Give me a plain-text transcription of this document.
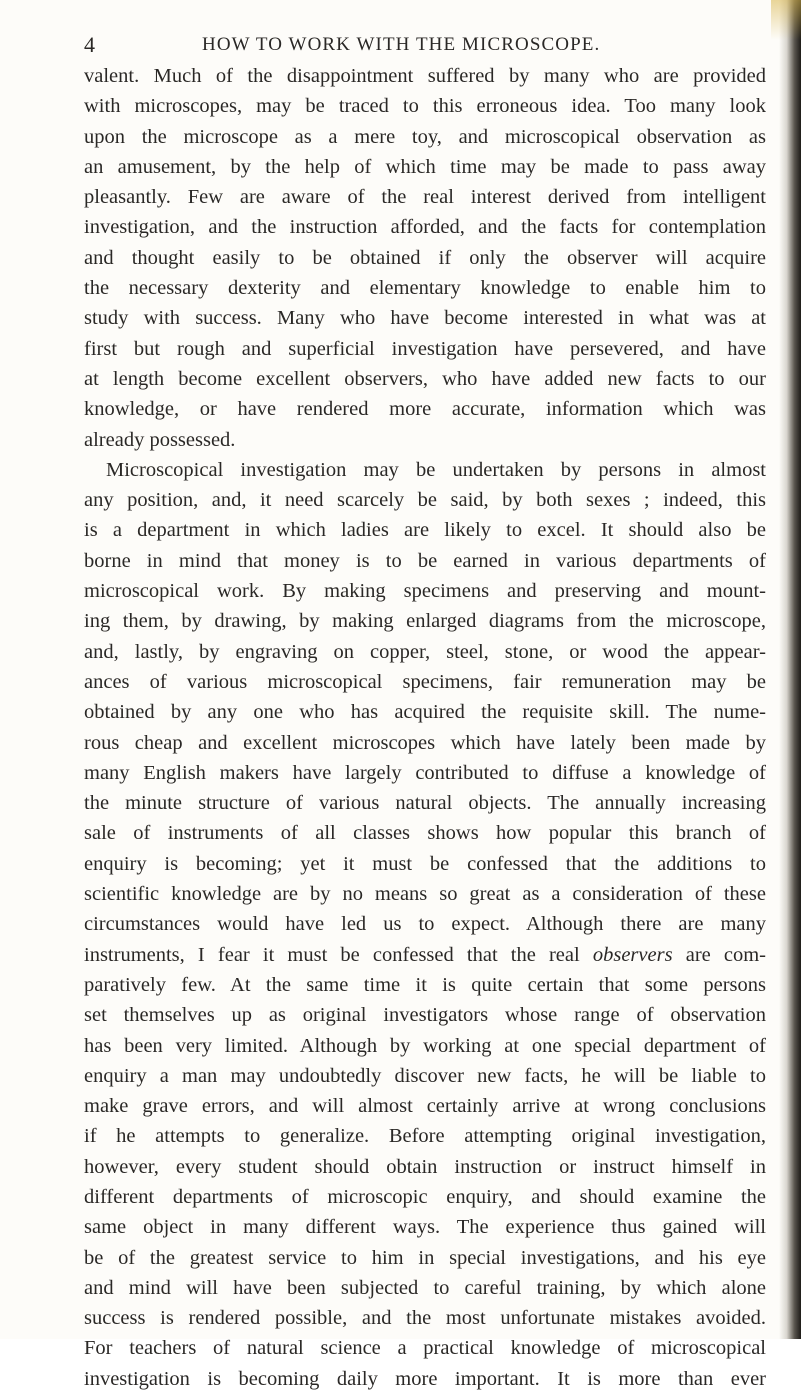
4	HOW TO WORK WITH THE MICROSCOPE.
valent. Much of the disappointment suffered by many who are provided
with microscopes, may be traced to this erroneous idea. Too many look
upon the microscope as a mere toy, and microscopical observation as
an amusement, by the help of which time may be made to pass away
pleasantly. Few are aware of the real interest derived from intelligent
investigation, and the instruction afforded, and the facts for contemplation
and thought easily to be obtained if only the observer will acquire
the necessary dexterity and elementary knowledge to enable him to
study with success. Many who have become interested in what was at
first but rough and superficial investigation have persevered, and have
at length become excellent observers, who have added new facts to our
knowledge, or have rendered more accurate, information which was
already possessed.
Microscopical investigation may be undertaken by persons in almost
any position, and, it need scarcely be said, by both sexes ; indeed, this
is a department in which ladies are likely to excel. It should also be
borne in mind that money is to be earned in various departments of
microscopical work. By making specimens and preserving and mount-
ing them, by drawing, by making enlarged diagrams from the microscope,
and, lastly, by engraving on copper, steel, stone, or wood the appear-
ances of various microscopical specimens, fair remuneration may be
obtained by any one who has acquired the requisite skill. The nume-
rous cheap and excellent microscopes which have lately been made by
many English makers have largely contributed to diffuse a knowledge of
the minute structure of various natural objects. The annually increasing
sale of instruments of all classes shows how popular this branch of
enquiry is becoming; yet it must be confessed that the additions to
scientific knowledge are by no means so great as a consideration of these
circumstances would have led us to expect. Although there are many
instruments, I fear it must be confessed that the real observers are com-
paratively few. At the same time it is quite certain that some persons
set themselves up as original investigators whose range of observation
has been very limited. Although by working at one special department of
enquiry a man may undoubtedly discover new facts, he will be liable to
make grave errors, and will almost certainly arrive at wrong conclusions
if he attempts to generalize. Before attempting original investigation,
however, every student should obtain instruction or instruct himself in
different departments of microscopic enquiry, and should examine the
same object in many different ways. The experience thus gained will
be of the greatest service to him in special investigations, and his eye
and mind will have been subjected to careful training, by which alone
success is rendered possible, and the most unfortunate mistakes avoided.
For teachers of natural science a practical knowledge of microscopical
investigation is becoming daily more important. It is more than ever
